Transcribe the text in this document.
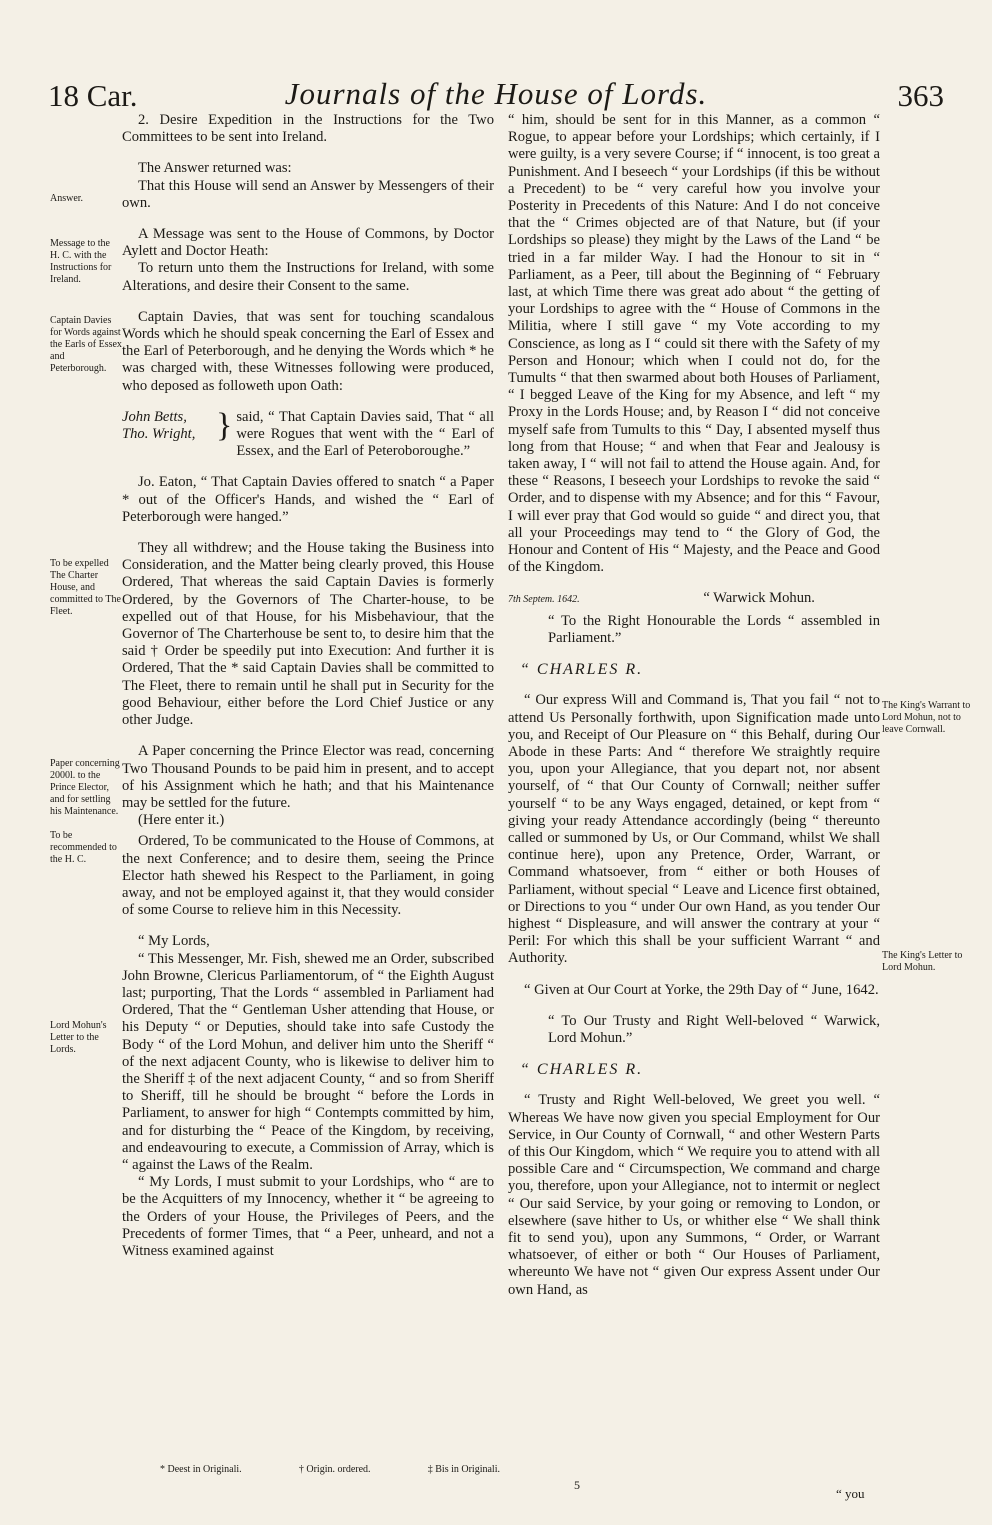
18 Car.	Journals of the House of Lords.	363
Answer.
Message to the H. C. with the Instructions for Ireland.
Captain Davies for Words against the Earls of Essex and Peterborough.
To be expelled The Charter House, and committed to The Fleet.
Paper concerning 2000l. to the Prince Elector, and for settling his Maintenance.
To be recommended to the H. C.
Lord Mohun's Letter to the Lords.
The King's Warrant to Lord Mohun, not to leave Cornwall.
The King's Letter to Lord Mohun.

2. Desire Expedition in the Instructions for the Two Committees to be sent into Ireland.

The Answer returned was:

That this House will send an Answer by Messengers of their own.

A Message was sent to the House of Commons, by Doctor Aylett and Doctor Heath:

To return unto them the Instructions for Ireland, with some Alterations, and desire their Consent to the same.

Captain Davies, that was sent for touching scandalous Words which he should speak concerning the Earl of Essex and the Earl of Peterborough, and he denying the Words which * he was charged with, these Witnesses following were produced, who deposed as followeth upon Oath:

John Betts,
Tho. Wright, } said, “ That Captain Davies said, That “ all were Rogues that went with the “ Earl of Essex, and the Earl of Peteroboroughe.”

Jo. Eaton, “ That Captain Davies offered to snatch “ a Paper * out of the Officer's Hands, and wished the “ Earl of Peterborough were hanged.”

They all withdrew; and the House taking the Business into Consideration, and the Matter being clearly proved, this House Ordered, That whereas the said Captain Davies is formerly Ordered, by the Governors of The Charter-house, to be expelled out of that House, for his Misbehaviour, that the Governor of The Charterhouse be sent to, to desire him that the said † Order be speedily put into Execution: And further it is Ordered, That the * said Captain Davies shall be committed to The Fleet, there to remain until he shall put in Security for the good Behaviour, either before the Lord Chief Justice or any other Judge.

A Paper concerning the Prince Elector was read, concerning Two Thousand Pounds to be paid him in present, and to accept of his Assignment which he hath; and that his Maintenance may be settled for the future.

(Here enter it.)

Ordered, To be communicated to the House of Commons, at the next Conference; and to desire them, seeing the Prince Elector hath shewed his Respect to the Parliament, in going away, and not be employed against it, that they would consider of some Course to relieve him in this Necessity.

“ My Lords,

“ This Messenger, Mr. Fish, shewed me an Order, subscribed John Browne, Clericus Parliamentorum, of “ the Eighth August last; purporting, That the Lords “ assembled in Parliament had Ordered, That the “ Gentleman Usher attending that House, or his Deputy “ or Deputies, should take into safe Custody the Body “ of the Lord Mohun, and deliver him unto the Sheriff “ of the next adjacent County, who is likewise to deliver him to the Sheriff ‡ of the next adjacent County, “ and so from Sheriff to Sheriff, till he should be brought “ before the Lords in Parliament, to answer for high “ Contempts committed by him, and for disturbing the “ Peace of the Kingdom, by receiving, and endeavouring to execute, a Commission of Array, which is “ against the Laws of the Realm.

“ My Lords, I must submit to your Lordships, who “ are to be the Acquitters of my Innocency, whether it “ be agreeing to the Orders of your House, the Privileges of Peers, and the Precedents of former Times, that “ a Peer, unheard, and not a Witness examined against

“ him, should be sent for in this Manner, as a common “ Rogue, to appear before your Lordships; which certainly, if I were guilty, is a very severe Course; if “ innocent, is too great a Punishment. And I beseech “ your Lordships (if this be without a Precedent) to be “ very careful how you involve your Posterity in Precedents of this Nature: And I do not conceive that the “ Crimes objected are of that Nature, but (if your Lordships so please) they might by the Laws of the Land “ be tried in a far milder Way. I had the Honour to sit in “ Parliament, as a Peer, till about the Beginning of “ February last, at which Time there was great ado about “ the getting of your Lordships to agree with the “ House of Commons in the Militia, where I still gave “ my Vote according to my Conscience, as long as I “ could sit there with the Safety of my Person and Honour; which when I could not do, for the Tumults “ that then swarmed about both Houses of Parliament, “ I begged Leave of the King for my Absence, and left “ my Proxy in the Lords House; and, by Reason I “ did not conceive myself safe from Tumults to this “ Day, I absented myself thus long from that House; “ and when that Fear and Jealousy is taken away, I “ will not fail to attend the House again. And, for these “ Reasons, I beseech your Lordships to revoke the said “ Order, and to dispense with my Absence; and for this “ Favour, I will ever pray that God would so guide “ and direct you, that all your Proceedings may tend to “ the Glory of God, the Honour and Content of His “ Majesty, and the Peace and Good of the Kingdom.

7th Septem. 1642.	“ Warwick Mohun.

“ To the Right Honourable the Lords “ assembled in Parliament.”

“ CHARLES R.

“ Our express Will and Command is, That you fail “ not to attend Us Personally forthwith, upon Signification made unto you, and Receipt of Our Pleasure on “ this Behalf, during Our Abode in these Parts: And “ therefore We straightly require you, upon your Allegiance, that you depart not, nor absent yourself, of “ that Our County of Cornwall; neither suffer yourself “ to be any Ways engaged, detained, or kept from “ giving your ready Attendance accordingly (being “ thereunto called or summoned by Us, or Our Command, whilst We shall continue here), upon any Pretence, Order, Warrant, or Command whatsoever, from “ either or both Houses of Parliament, without special “ Leave and Licence first obtained, or Directions to you “ under Our own Hand, as you tender Our highest “ Displeasure, and will answer the contrary at your “ Peril: For which this shall be your sufficient Warrant “ and Authority.

“ Given at Our Court at Yorke, the 29th Day of “ June, 1642.

“ To Our Trusty and Right Well-beloved “ Warwick, Lord Mohun.”

“ CHARLES R.

“ Trusty and Right Well-beloved, We greet you well. “ Whereas We have now given you special Employment for Our Service, in Our County of Cornwall, “ and other Western Parts of this Our Kingdom, which “ We require you to attend with all possible Care and “ Circumspection, We command and charge you, therefore, upon your Allegiance, not to intermit or neglect “ Our said Service, by your going or removing to London, or elsewhere (save hither to Us, or whither else “ We shall think fit to send you), upon any Summons, “ Order, or Warrant whatsoever, of either or both “ Our Houses of Parliament, whereunto We have not “ given Our express Assent under Our own Hand, as

* Deest in Originali.	† Origin. ordered.	‡ Bis in Originali.
5
“ you
